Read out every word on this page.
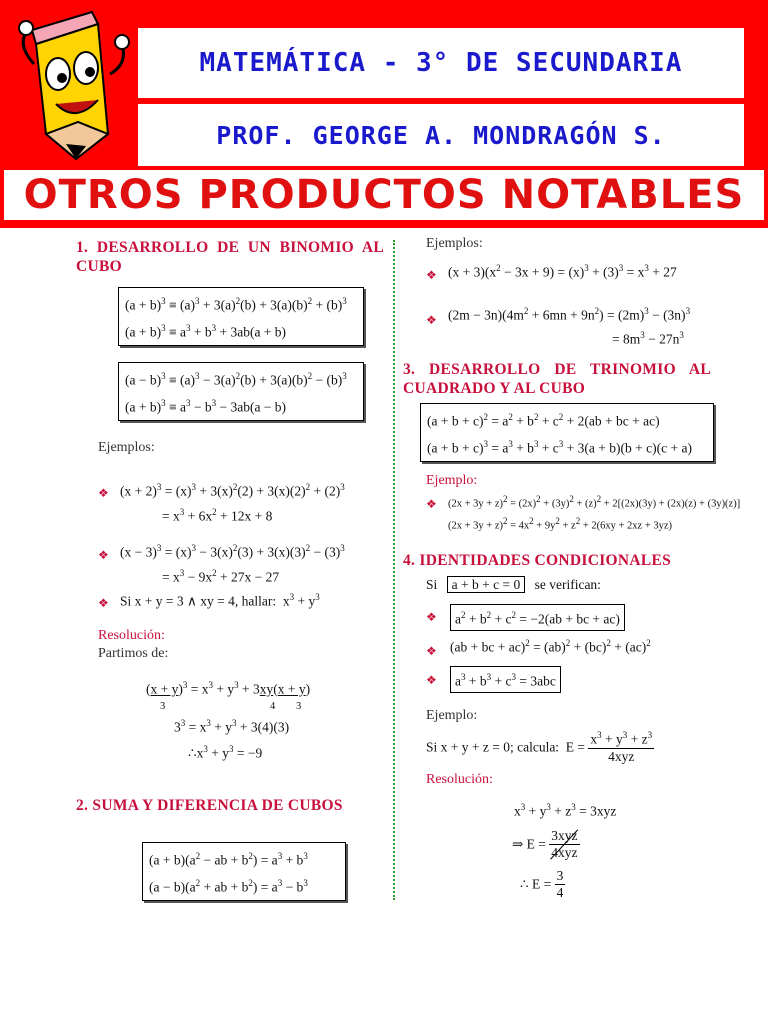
MATEMÁTICA - 3° DE SECUNDARIA
PROF. GEORGE A. MONDRAGÓN S.
OTROS PRODUCTOS NOTABLES
1. DESARROLLO DE UN BINOMIO AL CUBO
$(a + b)^3 \equiv (a)^3 + 3(a)^2(b) + 3(a)(b)^2 + (b)^3$
$(a + b)^3 \equiv a^3 + b^3 + 3ab(a + b)$
$(a - b)^3 \equiv (a)^3 - 3(a)^2(b) + 3(a)(b)^2 - (b)^3$
$(a + b)^3 \equiv a^3 - b^3 - 3ab(a - b)$
Ejemplos:
❖ $(x + 2)^3 = (x)^3 + 3(x)^2(2) + 3(x)(2)^2 + (2)^3$
= $x^3 + 6x^2 + 12x + 8$
❖ $(x - 3)^3 = (x)^3 - 3(x)^2(3) + 3(x)(3)^2 - (3)^3$
= $x^3 - 9x^2 + 27x - 27$
❖ Si x + y = 3 ∧ xy = 4, hallar:  $x^3 + y^3$
Resolución:
Partimos de:
$(x + y)^3 = x^3 + y^3 + 3xy(x + y)$
3	4 3
$3^3 = x^3 + y^3 + 3(4)(3)$
$\therefore x^3 + y^3 = -9$
2. SUMA Y DIFERENCIA DE CUBOS
$(a + b)(a^2$ − ab + $b^2) = a^3 + b^3$
$(a - b)(a^2$ + ab + $b^2) = a^3 - b^3$
Ejemplos:
❖ $(x + 3)(x^2 - 3x + 9) = (x)^3 + (3)^3 = x^3 + 27$
❖ $(2m - 3n)(4m^2 + 6mn + 9n^2) = (2m)^3 - (3n)^3$
= $8m^3 - 27n^3$
3. DESARROLLO DE TRINOMIO AL CUADRADO Y AL CUBO
$(a + b + c)^2 = a^2 + b^2 + c^2 + 2(ab$ + bc + ac)
$(a + b + c)^3 = a^3 + b^3 + c^3 + 3(a + b)(b + c)(c + a)$
Ejemplo:
❖ $(2x + 3y + z)^2 = (2x)^2 + (3y)^2 + (z)^2 + 2[(2x)(3y) + (2x)(z) + (3y)(z)]$
$(2x + 3y + z)^2 = 4x^2 + 9y^2 + z^2 + 2(6xy + 2xz + 3yz)$
4. IDENTIDADES CONDICIONALES
Si a + b + c = 0 se verifican:
❖	$a^2 + b^2 + c^2 = -2(ab$ + bc + ac)
❖ (ab + bc + ac)$^2$ = (ab)$^2$ + (bc)$^2$ + (ac)$^2$
❖	$a^3 + b^3 + c^3 = 3abc$
Ejemplo:
Si x + y + z = 0; calcula:  $E = \frac{x^3 + y^3 + z^3}{\text{4xyz}}$
Resolución:
$x^3 + y^3 + z^3 = 3xyz$
⇒ $E = \frac{\text{3xyz}}{\text{4xyz}}$
∴ $E = \frac{3}{4}$
